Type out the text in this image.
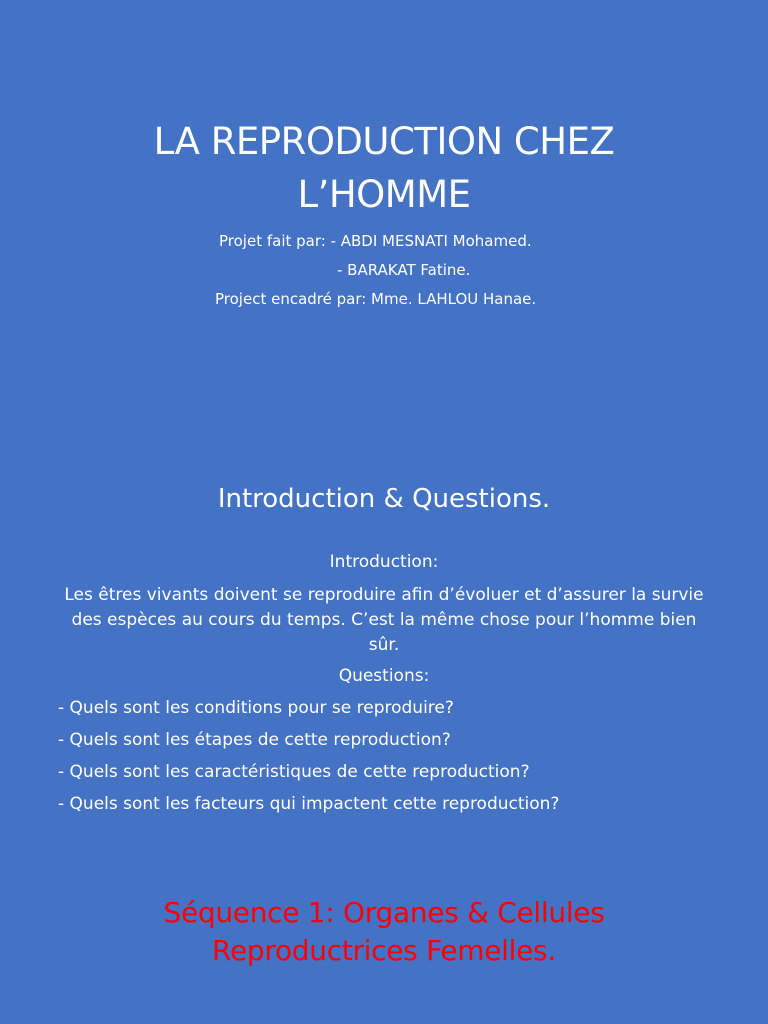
LA REPRODUCTION CHEZ
L’HOMME
Projet fait par: - ABDI MESNATI Mohamed.
- BARAKAT Fatine.
Project encadré par: Mme. LAHLOU Hanae.
Introduction & Questions.
Introduction:
Les êtres vivants doivent se reproduire afin d’évoluer et d’assurer la survie des espèces au cours du temps. C’est la même chose pour l’homme bien sûr.
Questions:
- Quels sont les conditions pour se reproduire?
- Quels sont les étapes de cette reproduction?
- Quels sont les caractéristiques de cette reproduction?
- Quels sont les facteurs qui impactent cette reproduction?
Séquence 1: Organes & Cellules
Reproductrices Femelles.
